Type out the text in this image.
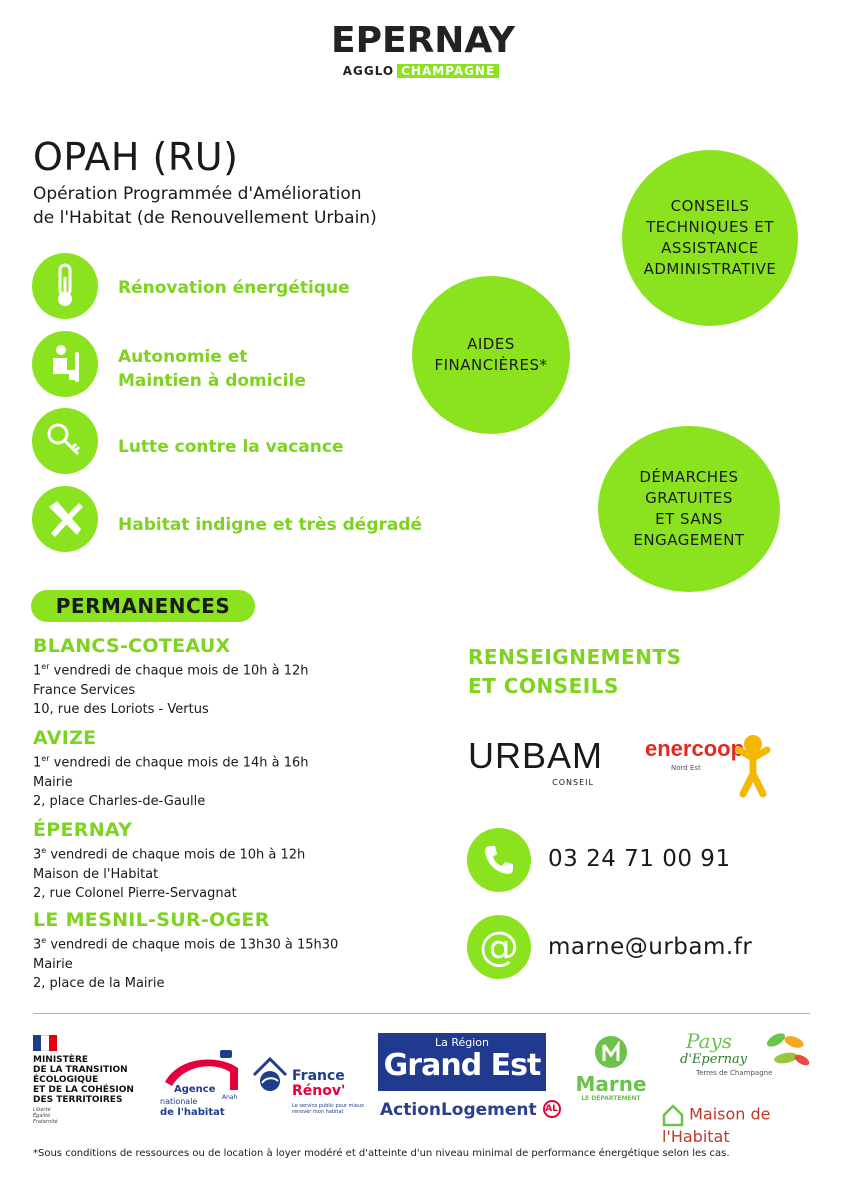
EPERNAY
AGGLO CHAMPAGNE
OPAH (RU)
Opération Programmée d'Amélioration
de l'Habitat (de Renouvellement Urbain)
Rénovation énergétique
Autonomie et
Maintien à domicile
Lutte contre la vacance
Habitat indigne et très dégradé
CONSEILS
TECHNIQUES ET
ASSISTANCE
ADMINISTRATIVE
AIDES
FINANCIÈRES*
DÉMARCHES
GRATUITES
ET SANS
ENGAGEMENT
PERMANENCES
BLANCS-COTEAUX
1er vendredi de chaque mois de 10h à 12h
France Services
10, rue des Loriots - Vertus
AVIZE
1er vendredi de chaque mois de 14h à 16h
Mairie
2, place Charles-de-Gaulle
ÉPERNAY
3e vendredi de chaque mois de 10h à 12h
Maison de l'Habitat
2, rue Colonel Pierre-Servagnat
LE MESNIL-SUR-OGER
3e vendredi de chaque mois de 13h30 à 15h30
Mairie
2, place de la Mairie
RENSEIGNEMENTS
ET CONSEILS
URBAM
CONSEIL
enercoop
Nord Est
03 24 71 00 91
@	marne@urbam.fr
MINISTÈRE
DE LA TRANSITION
ÉCOLOGIQUE
ET DE LA COHÉSION
DES TERRITOIRES
Liberté
Égalité
Fraternité
Agence
nationale
de l'habitat
Anah
France
Rénov'
Le service public pour mieux
rénover mon habitat
La Région
Grand Est
ActionLogement AL
Marne
LE DÉPARTEMENT
Pays
d'Epernay
Terres de Champagne
Maison de l'Habitat
*Sous conditions de ressources ou de location à loyer modéré et d'atteinte d'un niveau minimal de performance énergétique selon les cas.
